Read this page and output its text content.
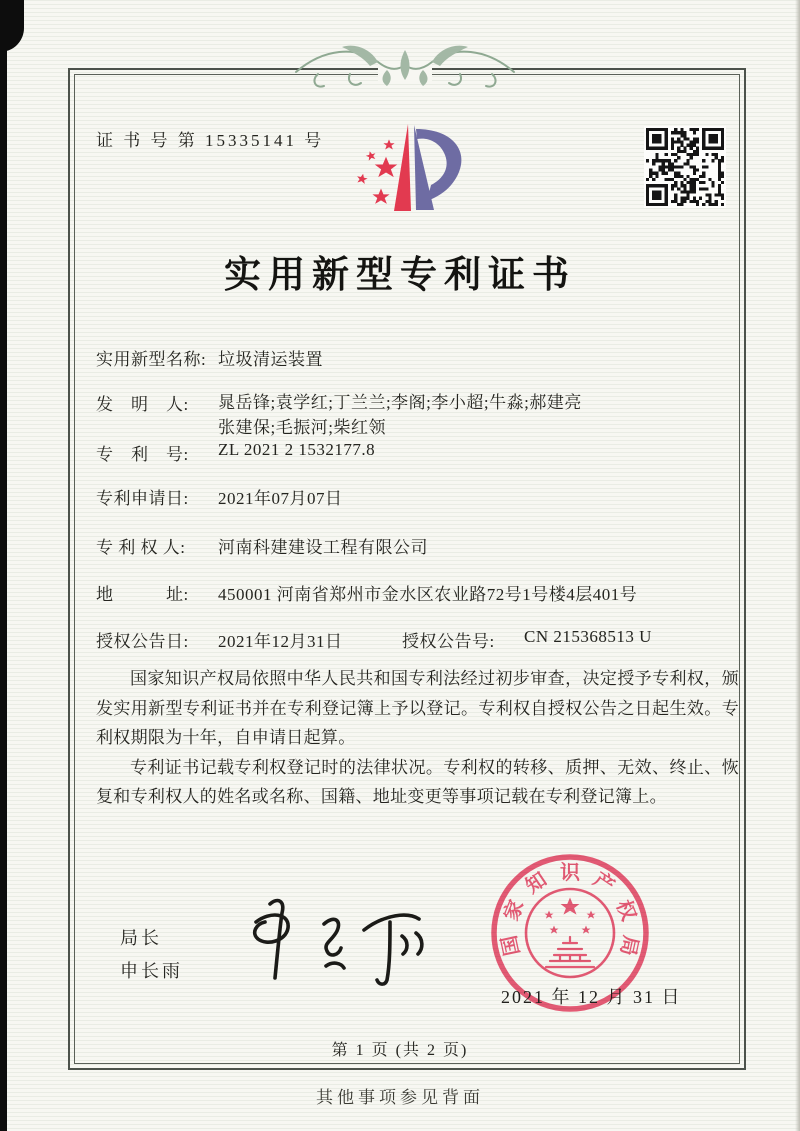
证 书 号 第 15335141 号
实用新型专利证书
实用新型名称: 垃圾清运装置
发　明　人: 晁岳锋;袁学红;丁兰兰;李阁;李小超;牛淼;郝建亮
张建保;毛振河;柴红领
专　利　号: ZL 2021 2 1532177.8
专利申请日: 2021年07月07日
专 利 权 人: 河南科建建设工程有限公司
地　　　址: 450001 河南省郑州市金水区农业路72号1号楼4层401号
授权公告日: 2021年12月31日	授权公告号: CN 215368513 U

国家知识产权局依照中华人民共和国专利法经过初步审查，决定授予专利权，颁发实用新型专利证书并在专利登记簿上予以登记。专利权自授权公告之日起生效。专利权期限为十年，自申请日起算。

专利证书记载专利权登记时的法律状况。专利权的转移、质押、无效、终止、恢复和专利权人的姓名或名称、国籍、地址变更等事项记载在专利登记簿上。

局长
申长雨
国
家
知 识 产
权
局
2021 年 12 月 31 日
第 1 页 (共 2 页)
其他事项参见背面
